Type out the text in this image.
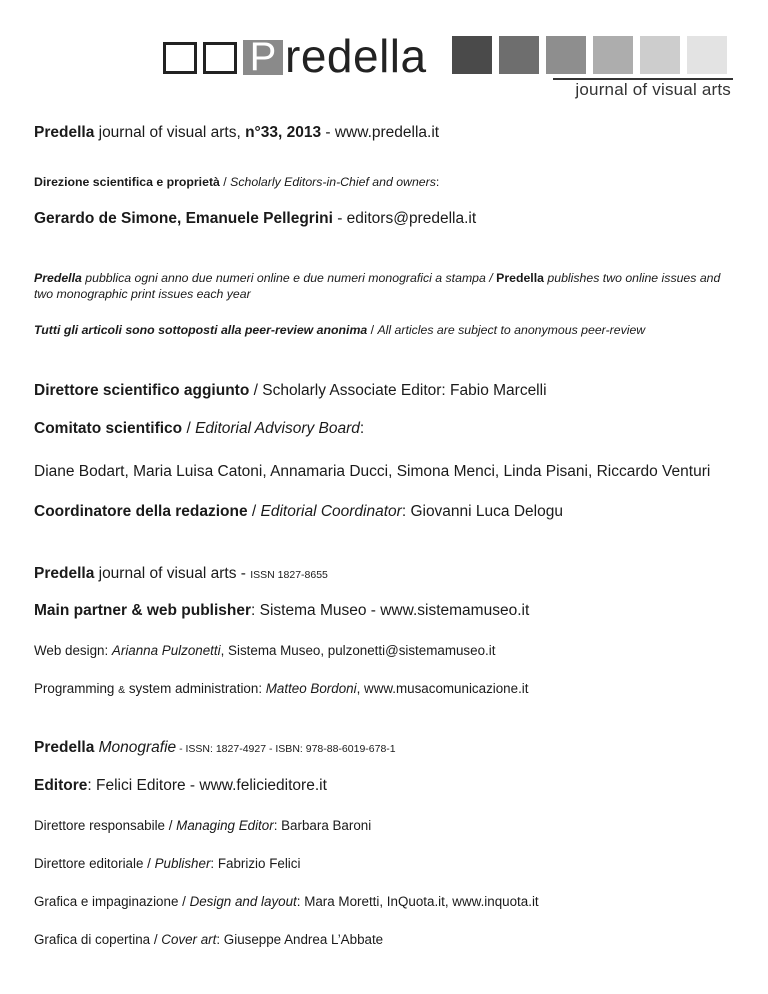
P redella
journal of visual arts
Predella journal of visual arts, n°33, 2013 - www.predella.it
Direzione scientifica e proprietà / Scholarly Editors-in-Chief and owners:
Gerardo de Simone, Emanuele Pellegrini - editors@predella.it
Predella pubblica ogni anno due numeri online e due numeri monografici a stampa / Predella publishes two online issues and two monographic print issues each year
Tutti gli articoli sono sottoposti alla peer-review anonima / All articles are subject to anonymous peer-review
Direttore scientifico aggiunto / Scholarly Associate Editor: Fabio Marcelli
Comitato scientifico / Editorial Advisory Board:
Diane Bodart, Maria Luisa Catoni, Annamaria Ducci, Simona Menci, Linda Pisani, Riccardo Venturi
Coordinatore della redazione / Editorial Coordinator: Giovanni Luca Delogu
Predella journal of visual arts - ISSN 1827-8655
Main partner & web publisher: Sistema Museo - www.sistemamuseo.it
Web design: Arianna Pulzonetti, Sistema Museo, pulzonetti@sistemamuseo.it
Programming & system administration: Matteo Bordoni, www.musacomunicazione.it
Predella Monografie - ISSN: 1827-4927 - ISBN: 978-88-6019-678-1
Editore: Felici Editore - www.felicieditore.it
Direttore responsabile / Managing Editor: Barbara Baroni
Direttore editoriale / Publisher: Fabrizio Felici
Grafica e impaginazione / Design and layout: Mara Moretti, InQuota.it, www.inquota.it
Grafica di copertina / Cover art: Giuseppe Andrea L’Abbate
